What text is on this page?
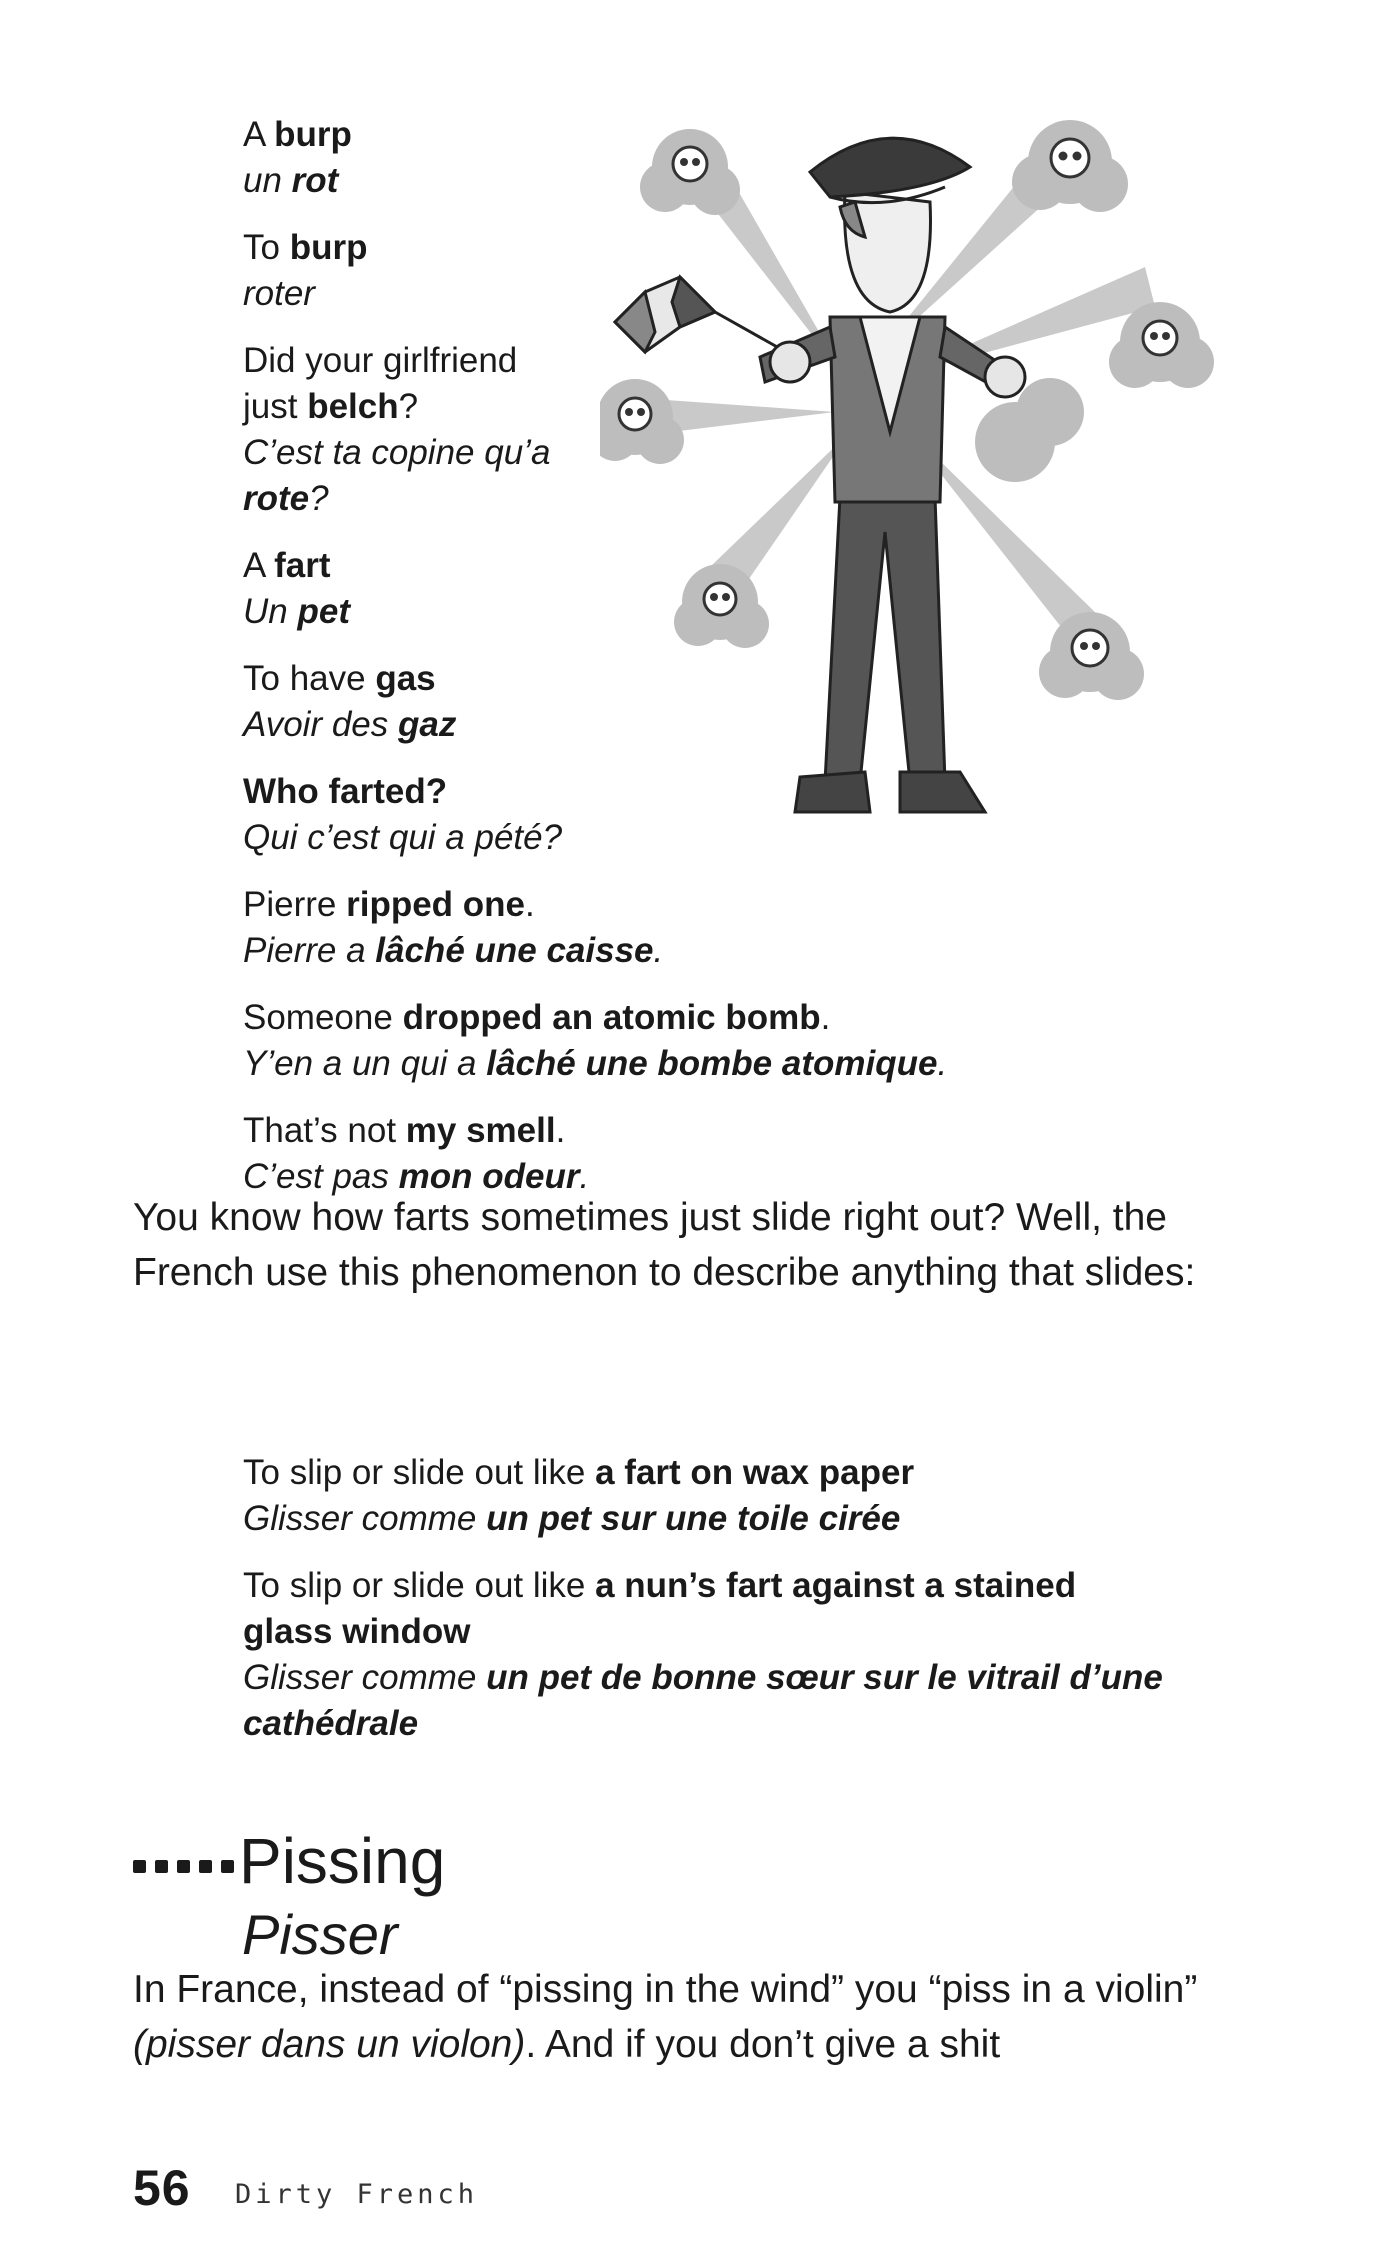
A burp
un rot
To burp
roter
Did your girlfriend
just belch?
C’est ta copine qu’a
rote?
A fart
Un pet
To have gas
Avoir des gaz
Who farted?
Qui c’est qui a pété?
Pierre ripped one.
Pierre a lâché une caisse.
Someone dropped an atomic bomb.
Y’en a un qui a lâché une bombe atomique.
That’s not my smell.
C’est pas mon odeur.

You know how farts sometimes just slide right out? Well, the French use this phenomenon to describe anything that slides:

To slip or slide out like a fart on wax paper
Glisser comme un pet sur une toile cirée
To slip or slide out like a nun’s fart against a stained
glass window
Glisser comme un pet de bonne sœur sur le vitrail d’une
cathédrale
Pissing
Pisser

In France, instead of “pissing in the wind” you “piss in a violin” (pisser dans un violon). And if you don’t give a shit

56 Dirty French
